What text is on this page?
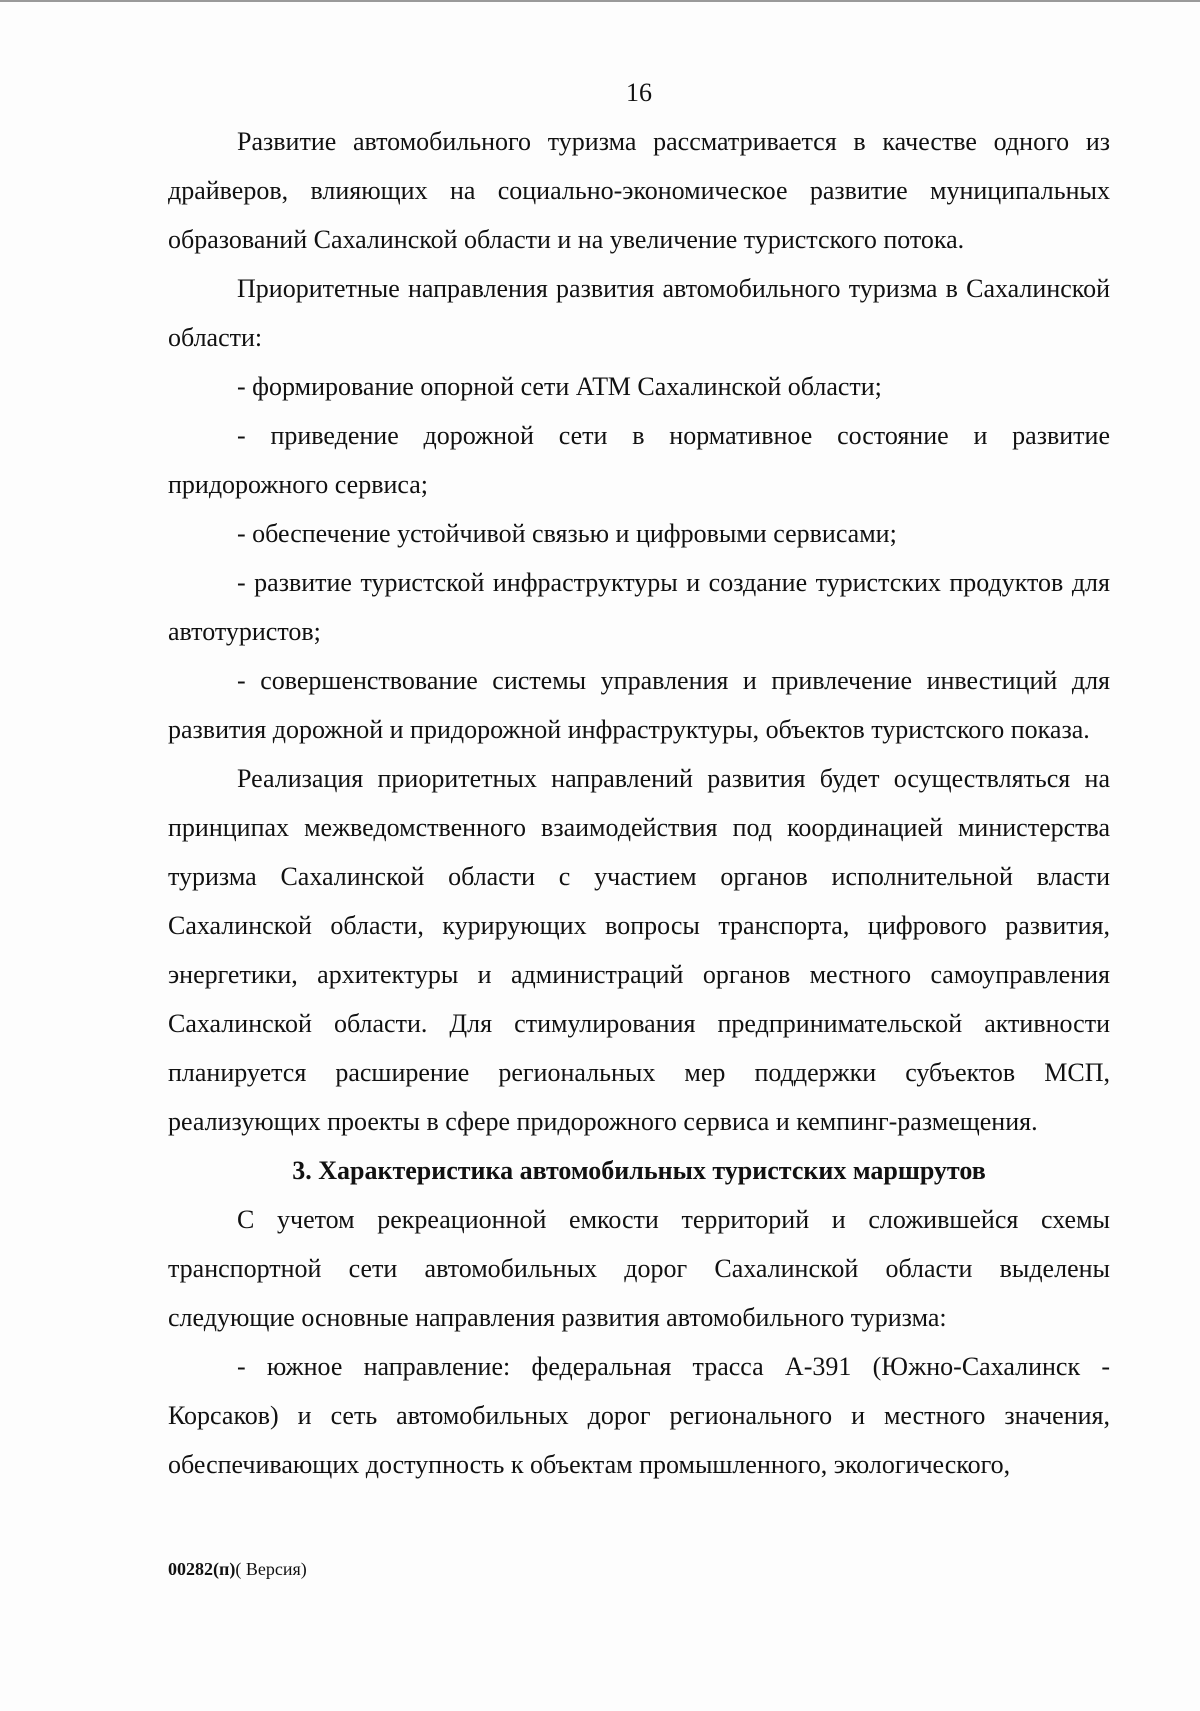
16

Развитие автомобильного туризма рассматривается в качестве одного из драйверов, влияющих на социально-экономическое развитие муниципальных образований Сахалинской области и на увеличение туристского потока.

Приоритетные направления развития автомобильного туризма в Сахалинской области:

- формирование опорной сети АТМ Сахалинской области;

- приведение дорожной сети в нормативное состояние и развитие придорожного сервиса;

- обеспечение устойчивой связью и цифровыми сервисами;

- развитие туристской инфраструктуры и создание туристских продуктов для автотуристов;

- совершенствование системы управления и привлечение инвестиций для развития дорожной и придорожной инфраструктуры, объектов туристского показа.

Реализация приоритетных направлений развития будет осуществляться на принципах межведомственного взаимодействия под координацией министерства туризма Сахалинской области с участием органов исполнительной власти Сахалинской области, курирующих вопросы транспорта, цифрового развития, энергетики, архитектуры и администраций органов местного самоуправления Сахалинской области. Для стимулирования предпринимательской активности планируется расширение региональных мер поддержки субъектов МСП, реализующих проекты в сфере придорожного сервиса и кемпинг-размещения.

3. Характеристика автомобильных туристских маршрутов

С учетом рекреационной емкости территорий и сложившейся схемы транспортной сети автомобильных дорог Сахалинской области выделены следующие основные направления развития автомобильного туризма:

- южное направление: федеральная трасса А-391 (Южно-Сахалинск - Корсаков) и сеть автомобильных дорог регионального и местного значения, обеспечивающих доступность к объектам промышленного, экологического,

00282(п)( Версия)
